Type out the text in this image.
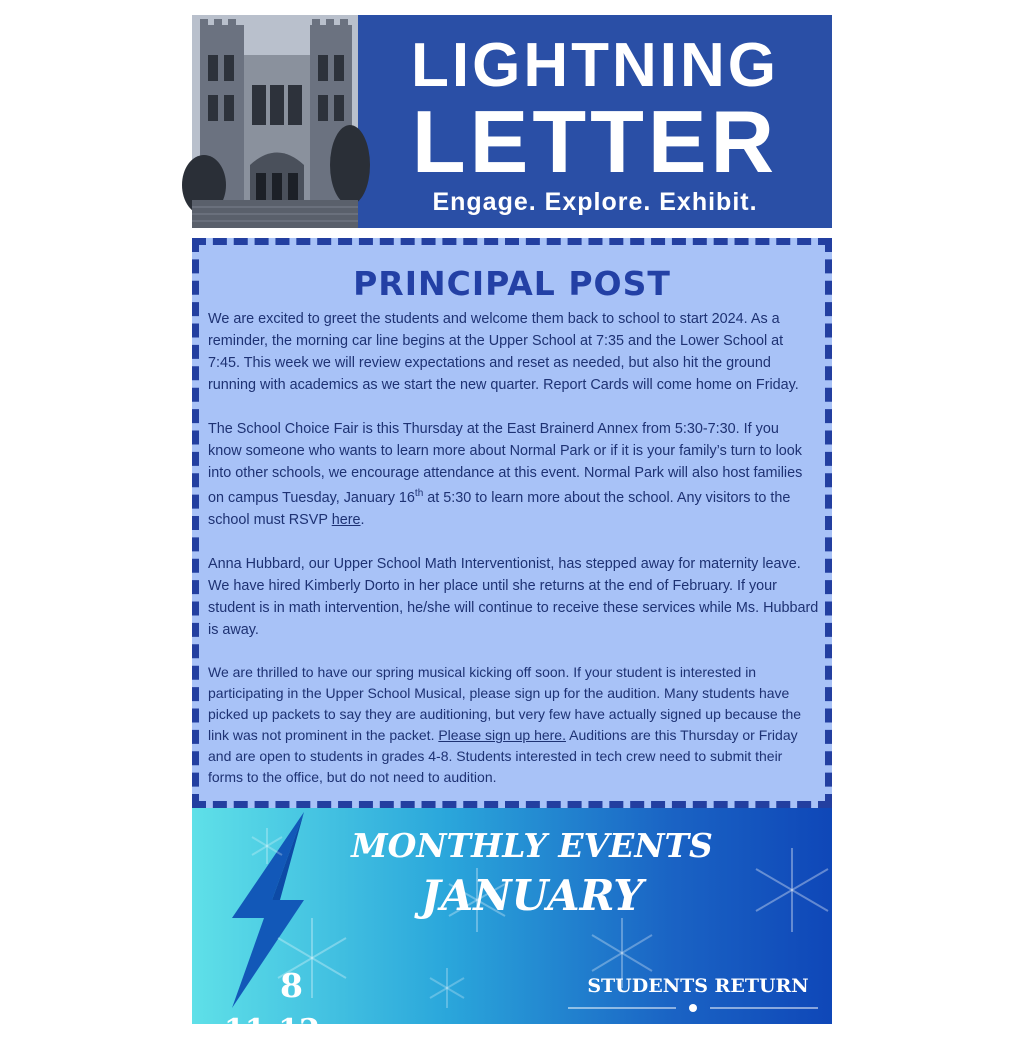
LIGHTNING
LETTER
Engage. Explore. Exhibit.
PRINCIPAL POST
We are excited to greet the students and welcome them back to school to start 2024. As a
reminder, the morning car line begins at the Upper School at 7:35 and the Lower School at
7:45. This week we will review expectations and reset as needed, but also hit the ground
running with academics as we start the new quarter. Report Cards will come home on Friday.
The School Choice Fair is this Thursday at the East Brainerd Annex from 5:30-7:30. If you
know someone who wants to learn more about Normal Park or if it is your family’s turn to look
into other schools, we encourage attendance at this event. Normal Park will also host families
on campus Tuesday, January 16th at 5:30 to learn more about the school. Any visitors to the
school must RSVP here.
Anna Hubbard, our Upper School Math Interventionist, has stepped away for maternity leave.
We have hired Kimberly Dorto in her place until she returns at the end of February. If your
student is in math intervention, he/she will continue to receive these services while Ms. Hubbard
is away.
We are thrilled to have our spring musical kicking off soon. If your student is interested in
participating in the Upper School Musical, please sign up for the audition. Many students have
picked up packets to say they are auditioning, but very few have actually signed up because the
link was not prominent in the packet. Please sign up here. Auditions are this Thursday or Friday
and are open to students in grades 4-8. Students interested in tech crew need to submit their
forms to the office, but do not need to audition.
MONTHLY EVENTS
JANUARY
8	STUDENTS RETURN
11-12
